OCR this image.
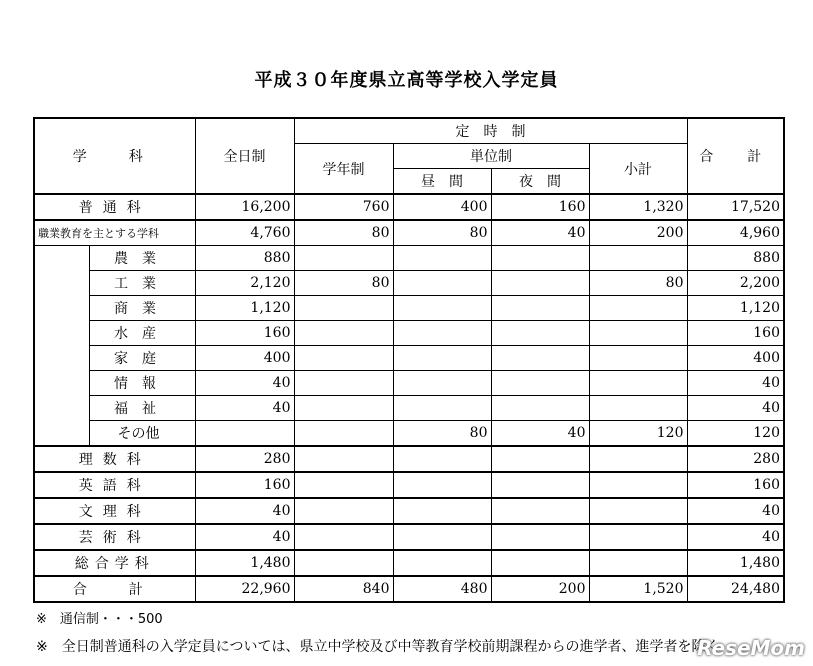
平成３０年度県立高等学校入学定員
学　科		全日制	定　時　制				合　計
			学年制	単位制		小計	
				昼　間	夜　間		
普通科		16,200	760	400	160	1,320	17,520
職業教育を主とする学科		4,760	80	80	40	200	4,960
	農業	880					880
	工業	2,120	80			80	2,200
	商業	1,120					1,120
	水産	160					160
	家庭	400					400
	情報	40					40
	福祉	40					40
	その他			80	40	120	120
理数科		280					280
英語科		160					160
文理科		40					40
芸術科		40					40
総合学科		1,480					1,480
合　計		22,960	840	480	200	1,520	24,480
※　通信制・・・500
※　全日制普通科の入学定員については、県立中学校及び中等教育学校前期課程からの進学者、進学者を除く
ReseMom
